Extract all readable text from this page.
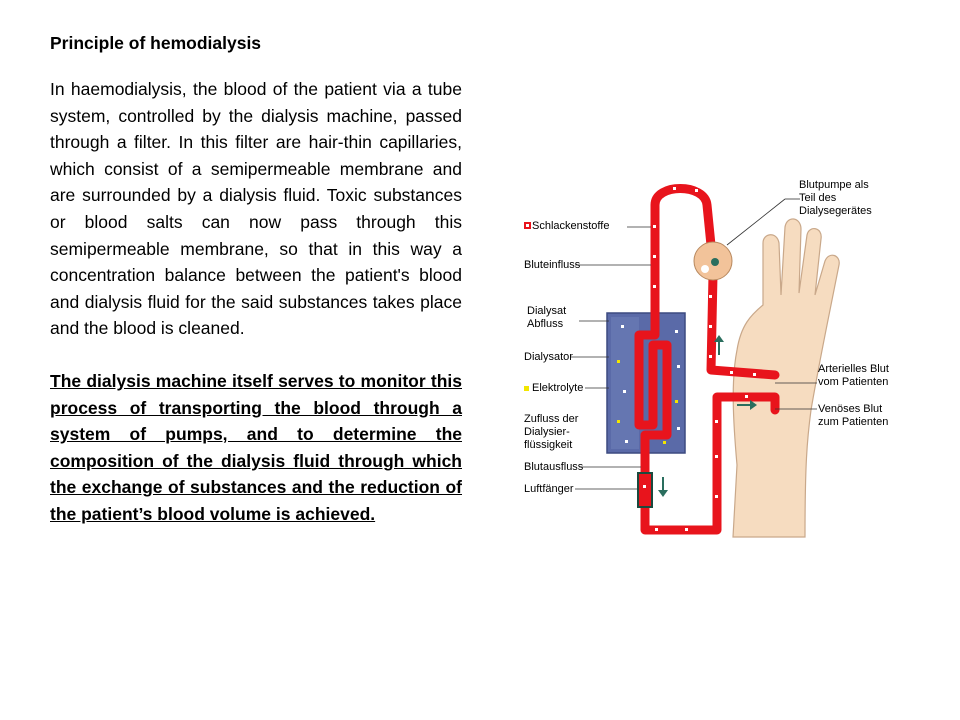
Principle of hemodialysis

In haemodialysis, the blood of the patient via a tube system, controlled by the dialysis machine, passed through a filter. In this filter are hair-thin capillaries, which consist of a semipermeable membrane and are surrounded by a dialysis fluid. Toxic substances or blood salts can now pass through this semipermeable membrane, so that in this way a concentration balance between the patient's blood and dialysis fluid for the said substances takes place and the blood is cleaned.

The dialysis machine itself serves to monitor this process of transporting the blood through a system of pumps, and to determine the composition of the dialysis fluid through which the exchange of substances and the reduction of the patient’s blood volume is achieved.

Schlackenstoffe
Bluteinfluss
Dialysat
Abfluss
Dialysator
Elektrolyte
Zufluss der
Dialysier-
flüssigkeit
Blutausfluss
Luftfänger
Blutpumpe als
Teil des
Dialysegerätes
Arterielles Blut
vom Patienten
Venöses Blut
zum Patienten
